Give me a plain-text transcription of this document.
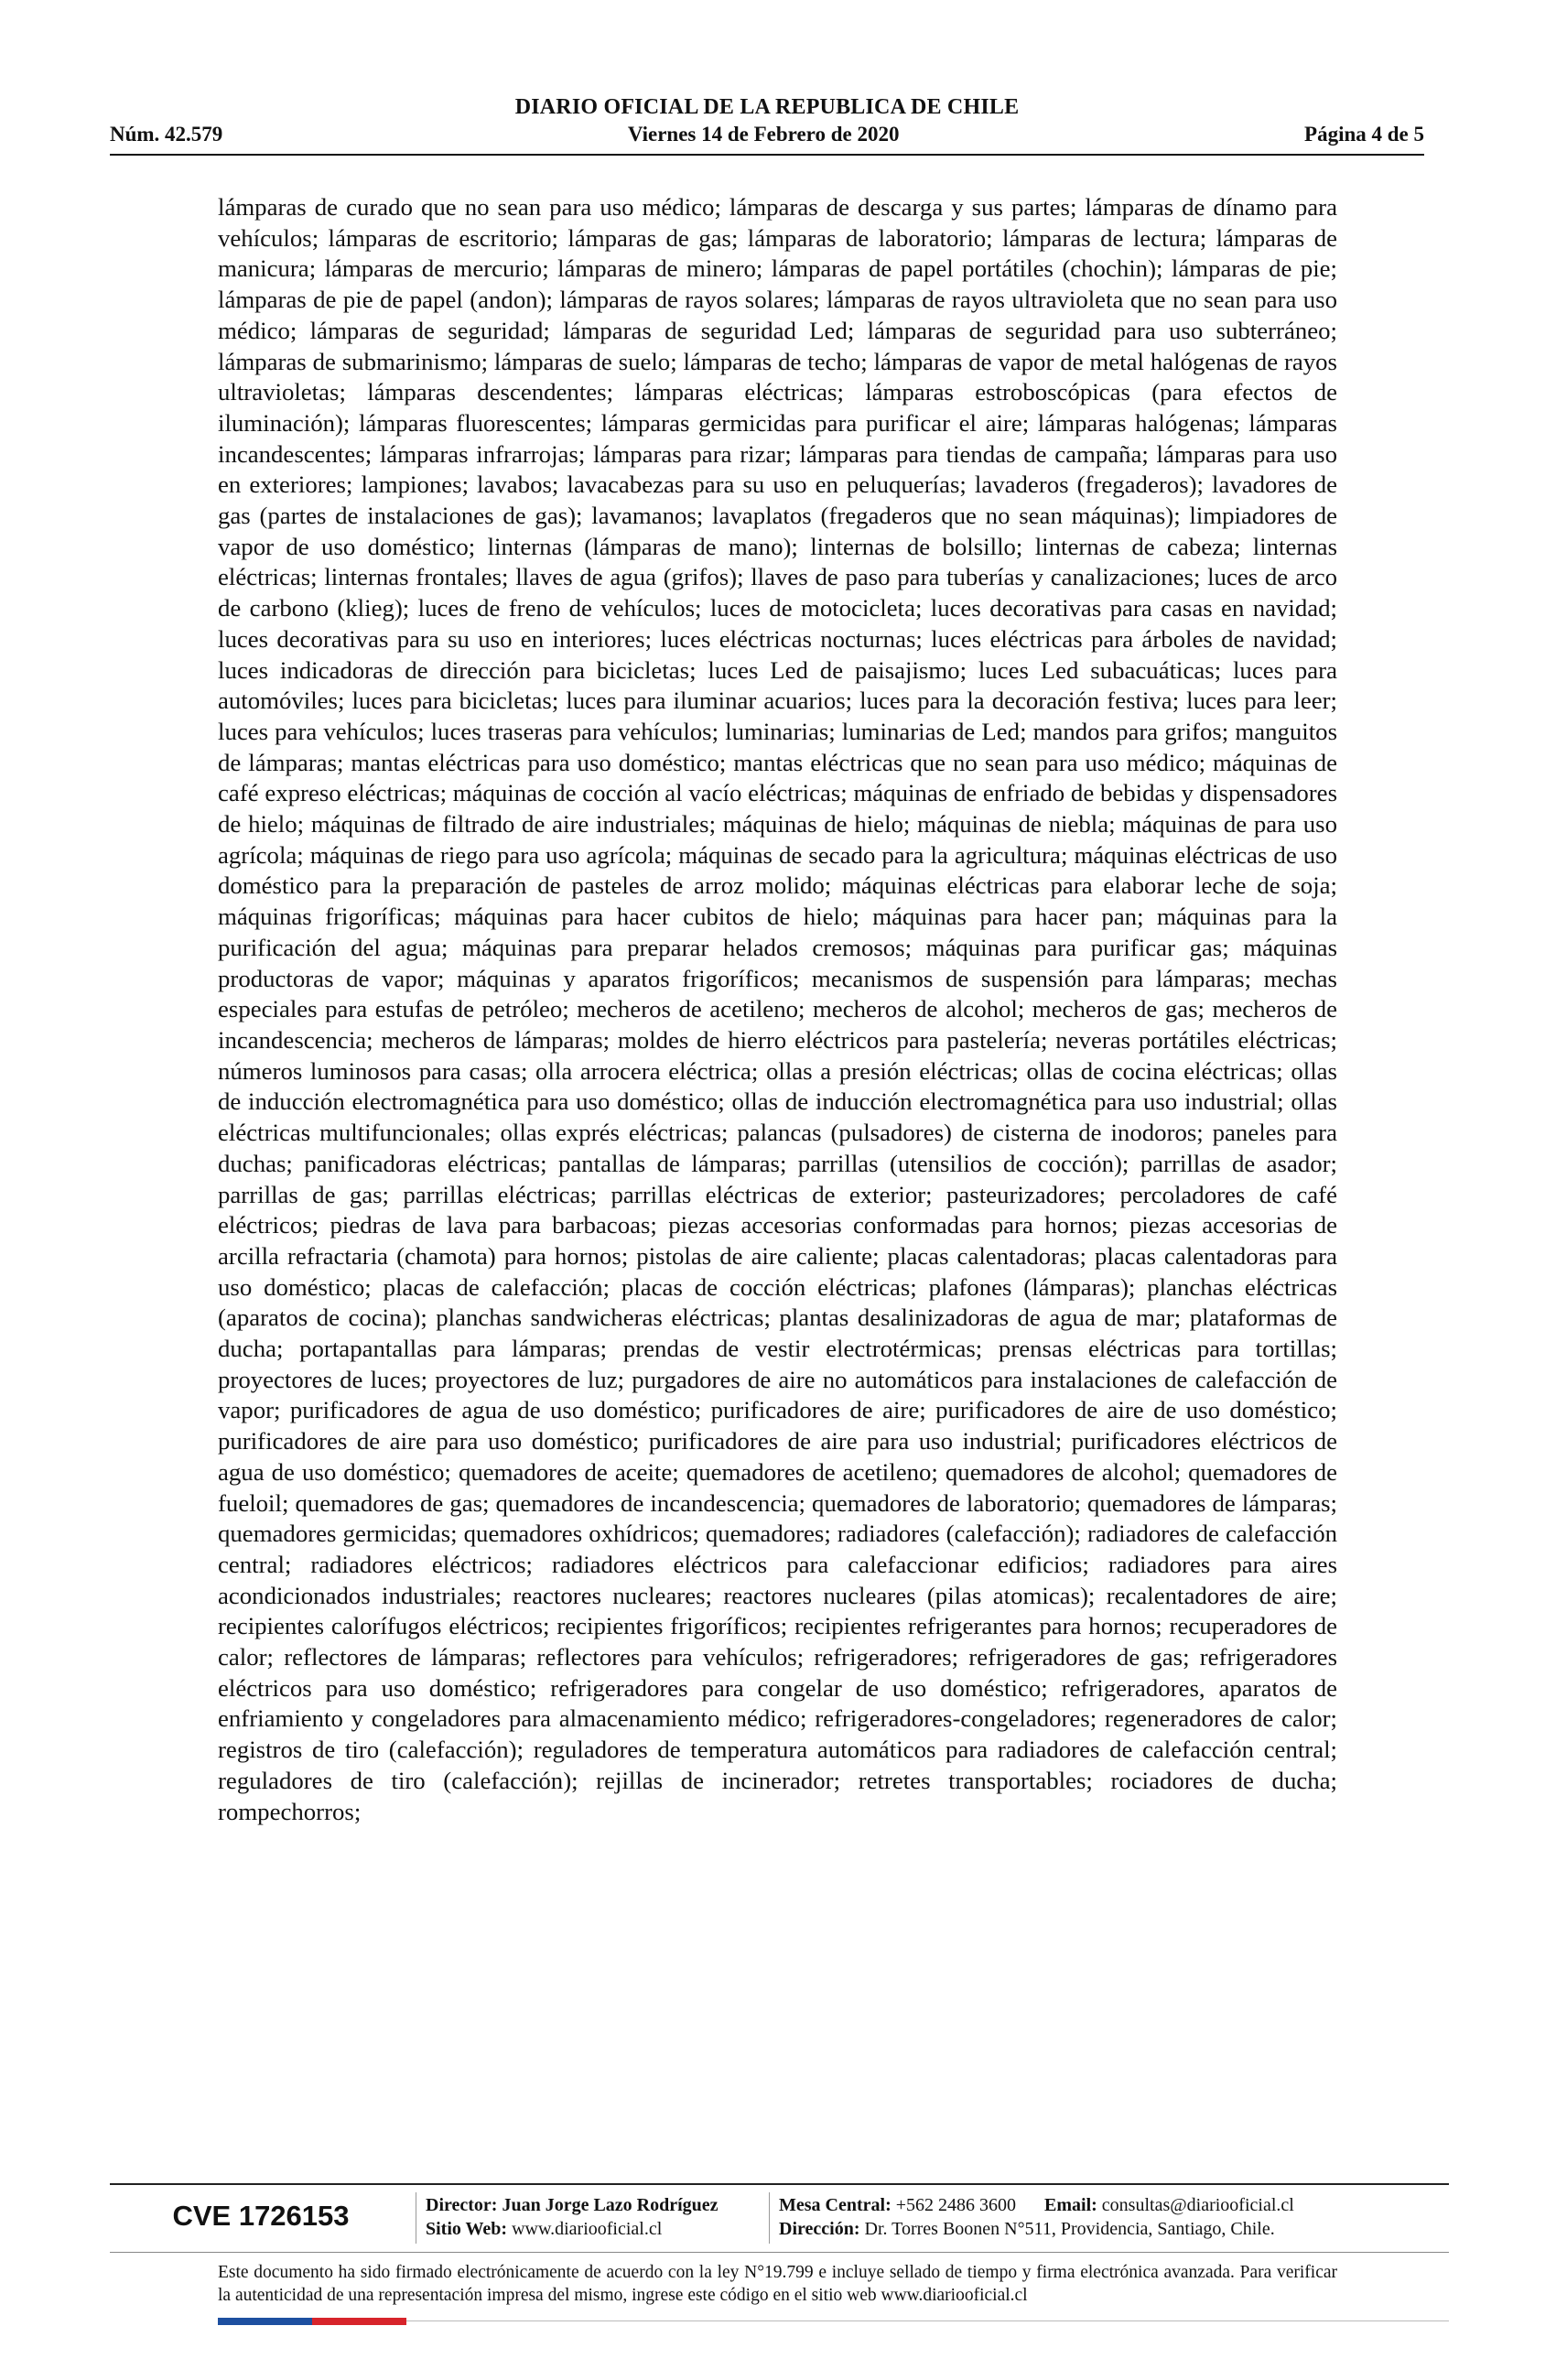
DIARIO OFICIAL DE LA REPUBLICA DE CHILE
Núm. 42.579	Viernes 14 de Febrero de 2020	Página 4 de 5

lámparas de curado que no sean para uso médico; lámparas de descarga y sus partes; lámparas de dínamo para vehículos; lámparas de escritorio; lámparas de gas; lámparas de laboratorio; lámparas de lectura; lámparas de manicura; lámparas de mercurio; lámparas de minero; lámparas de papel portátiles (chochin); lámparas de pie; lámparas de pie de papel (andon); lámparas de rayos solares; lámparas de rayos ultravioleta que no sean para uso médico; lámparas de seguridad; lámparas de seguridad Led; lámparas de seguridad para uso subterráneo; lámparas de submarinismo; lámparas de suelo; lámparas de techo; lámparas de vapor de metal halógenas de rayos ultravioletas; lámparas descendentes; lámparas eléctricas; lámparas estroboscópicas (para efectos de iluminación); lámparas fluorescentes; lámparas germicidas para purificar el aire; lámparas halógenas; lámparas incandescentes; lámparas infrarrojas; lámparas para rizar; lámparas para tiendas de campaña; lámparas para uso en exteriores; lampiones; lavabos; lavacabezas para su uso en peluquerías; lavaderos (fregaderos); lavadores de gas (partes de instalaciones de gas); lavamanos; lavaplatos (fregaderos que no sean máquinas); limpiadores de vapor de uso doméstico; linternas (lámparas de mano); linternas de bolsillo; linternas de cabeza; linternas eléctricas; linternas frontales; llaves de agua (grifos); llaves de paso para tuberías y canalizaciones; luces de arco de carbono (klieg); luces de freno de vehículos; luces de motocicleta; luces decorativas para casas en navidad; luces decorativas para su uso en interiores; luces eléctricas nocturnas; luces eléctricas para árboles de navidad; luces indicadoras de dirección para bicicletas; luces Led de paisajismo; luces Led subacuáticas; luces para automóviles; luces para bicicletas; luces para iluminar acuarios; luces para la decoración festiva; luces para leer; luces para vehículos; luces traseras para vehículos; luminarias; luminarias de Led; mandos para grifos; manguitos de lámparas; mantas eléctricas para uso doméstico; mantas eléctricas que no sean para uso médico; máquinas de café expreso eléctricas; máquinas de cocción al vacío eléctricas; máquinas de enfriado de bebidas y dispensadores de hielo; máquinas de filtrado de aire industriales; máquinas de hielo; máquinas de niebla; máquinas de para uso agrícola; máquinas de riego para uso agrícola; máquinas de secado para la agricultura; máquinas eléctricas de uso doméstico para la preparación de pasteles de arroz molido; máquinas eléctricas para elaborar leche de soja; máquinas frigoríficas; máquinas para hacer cubitos de hielo; máquinas para hacer pan; máquinas para la purificación del agua; máquinas para preparar helados cremosos; máquinas para purificar gas; máquinas productoras de vapor; máquinas y aparatos frigoríficos; mecanismos de suspensión para lámparas; mechas especiales para estufas de petróleo; mecheros de acetileno; mecheros de alcohol; mecheros de gas; mecheros de incandescencia; mecheros de lámparas; moldes de hierro eléctricos para pastelería; neveras portátiles eléctricas; números luminosos para casas; olla arrocera eléctrica; ollas a presión eléctricas; ollas de cocina eléctricas; ollas de inducción electromagnética para uso doméstico; ollas de inducción electromagnética para uso industrial; ollas eléctricas multifuncionales; ollas exprés eléctricas; palancas (pulsadores) de cisterna de inodoros; paneles para duchas; panificadoras eléctricas; pantallas de lámparas; parrillas (utensilios de cocción); parrillas de asador; parrillas de gas; parrillas eléctricas; parrillas eléctricas de exterior; pasteurizadores; percoladores de café eléctricos; piedras de lava para barbacoas; piezas accesorias conformadas para hornos; piezas accesorias de arcilla refractaria (chamota) para hornos; pistolas de aire caliente; placas calentadoras; placas calentadoras para uso doméstico; placas de calefacción; placas de cocción eléctricas; plafones (lámparas); planchas eléctricas (aparatos de cocina); planchas sandwicheras eléctricas; plantas desalinizadoras de agua de mar; plataformas de ducha; portapantallas para lámparas; prendas de vestir electrotérmicas; prensas eléctricas para tortillas; proyectores de luces; proyectores de luz; purgadores de aire no automáticos para instalaciones de calefacción de vapor; purificadores de agua de uso doméstico; purificadores de aire; purificadores de aire de uso doméstico; purificadores de aire para uso doméstico; purificadores de aire para uso industrial; purificadores eléctricos de agua de uso doméstico; quemadores de aceite; quemadores de acetileno; quemadores de alcohol; quemadores de fueloil; quemadores de gas; quemadores de incandescencia; quemadores de laboratorio; quemadores de lámparas; quemadores germicidas; quemadores oxhídricos; quemadores; radiadores (calefacción); radiadores de calefacción central; radiadores eléctricos; radiadores eléctricos para calefaccionar edificios; radiadores para aires acondicionados industriales; reactores nucleares; reactores nucleares (pilas atomicas); recalentadores de aire; recipientes calorífugos eléctricos; recipientes frigoríficos; recipientes refrigerantes para hornos; recuperadores de calor; reflectores de lámparas; reflectores para vehículos; refrigeradores; refrigeradores de gas; refrigeradores eléctricos para uso doméstico; refrigeradores para congelar de uso doméstico; refrigeradores, aparatos de enfriamiento y congeladores para almacenamiento médico; refrigeradores-congeladores; regeneradores de calor; registros de tiro (calefacción); reguladores de temperatura automáticos para radiadores de calefacción central; reguladores de tiro (calefacción); rejillas de incinerador; retretes transportables; rociadores de ducha; rompechorros;

CVE 1726153	Director: Juan Jorge Lazo Rodríguez
Sitio Web: www.diariooficial.cl
Mesa Central: +562 2486 3600 Email: consultas@diariooficial.cl
Dirección: Dr. Torres Boonen N°511, Providencia, Santiago, Chile.
Este documento ha sido firmado electrónicamente de acuerdo con la ley N°19.799 e incluye sellado de tiempo y firma electrónica avanzada. Para verificar la autenticidad de una representación impresa del mismo, ingrese este código en el sitio web www.diariooficial.cl
